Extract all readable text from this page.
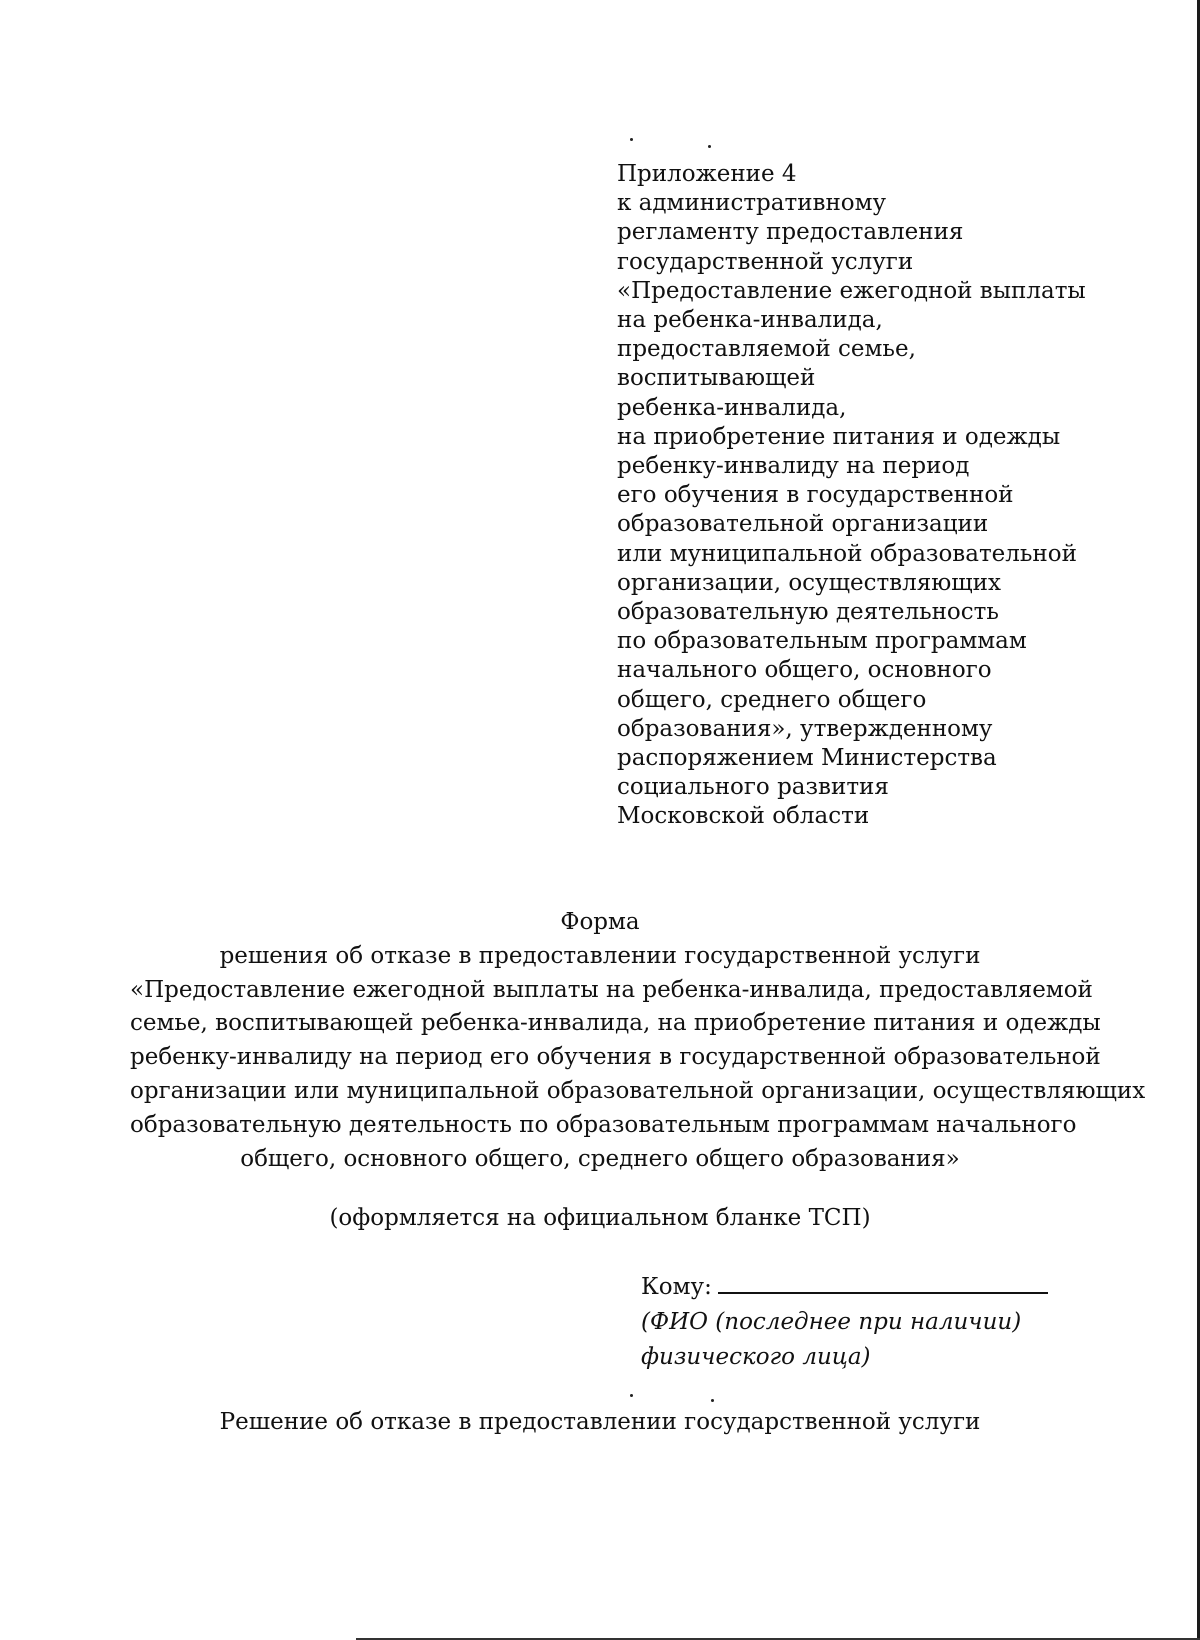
Приложение 4
к административному
регламенту предоставления
государственной услуги
«Предоставление ежегодной выплаты
на ребенка-инвалида,
предоставляемой семье,
воспитывающей
ребенка-инвалида,
на приобретение питания и одежды
ребенку-инвалиду на период
его обучения в государственной
образовательной организации
или муниципальной образовательной
организации, осуществляющих
образовательную деятельность
по образовательным программам
начального общего, основного
общего, среднего общего
образования», утвержденному
распоряжением Министерства
социального развития
Московской области
Форма
решения об отказе в предоставлении государственной услуги
«Предоставление ежегодной выплаты на ребенка-инвалида, предоставляемой
семье, воспитывающей ребенка-инвалида, на приобретение питания и одежды
ребенку-инвалиду на период его обучения в государственной образовательной
организации или муниципальной образовательной организации, осуществляющих
образовательную деятельность по образовательным программам начального
общего, основного общего, среднего общего образования»
(оформляется на официальном бланке ТСП)
Кому:
(ФИО (последнее при наличии)
физического лица)
Решение об отказе в предоставлении государственной услуги
